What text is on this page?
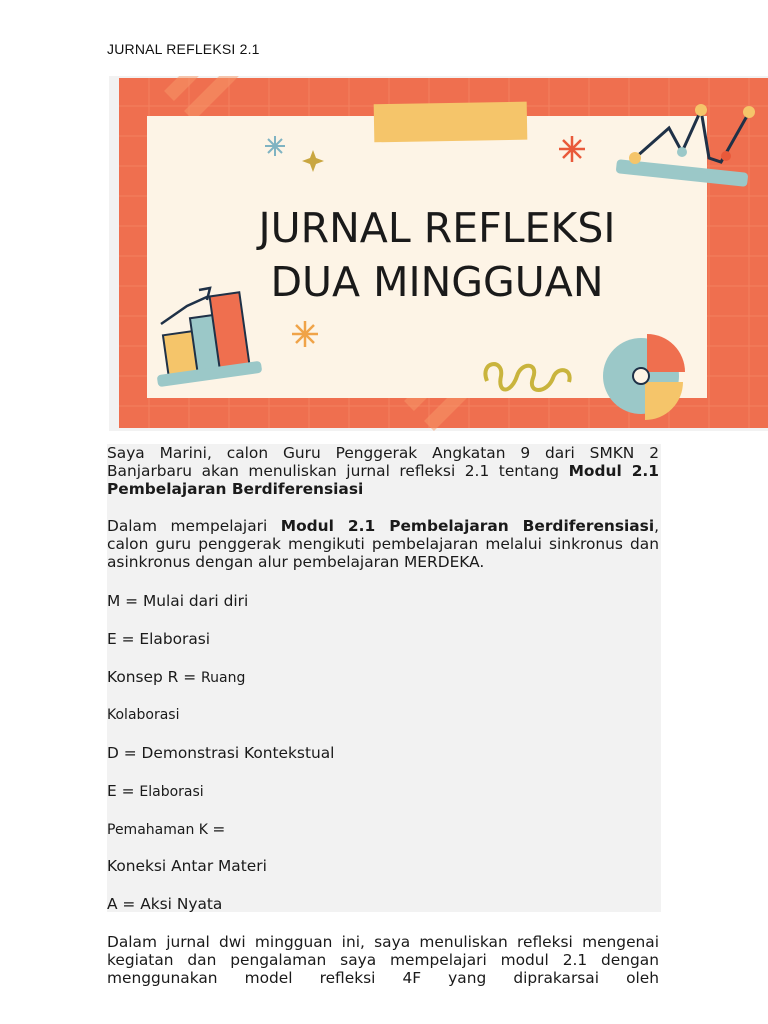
JURNAL REFLEKSI 2.1
JURNAL REFLEKSI
DUA MINGGUAN
Saya Marini, calon Guru Penggerak Angkatan 9 dari SMKN 2 Banjarbaru akan menuliskan jurnal refleksi 2.1 tentang Modul 2.1 Pembelajaran Berdiferensiasi
Dalam mempelajari Modul 2.1 Pembelajaran Berdiferensiasi, calon guru penggerak mengikuti pembelajaran melalui sinkronus dan asinkronus dengan alur pembelajaran MERDEKA.
M = Mulai dari diri
E = Elaborasi
Konsep R = Ruang
Kolaborasi
D = Demonstrasi Kontekstual
E = Elaborasi
Pemahaman K =
Koneksi Antar Materi
A = Aksi Nyata
Dalam jurnal dwi mingguan ini, saya menuliskan refleksi mengenai kegiatan dan pengalaman saya mempelajari modul 2.1 dengan menggunakan model refleksi 4F yang diprakarsai oleh
